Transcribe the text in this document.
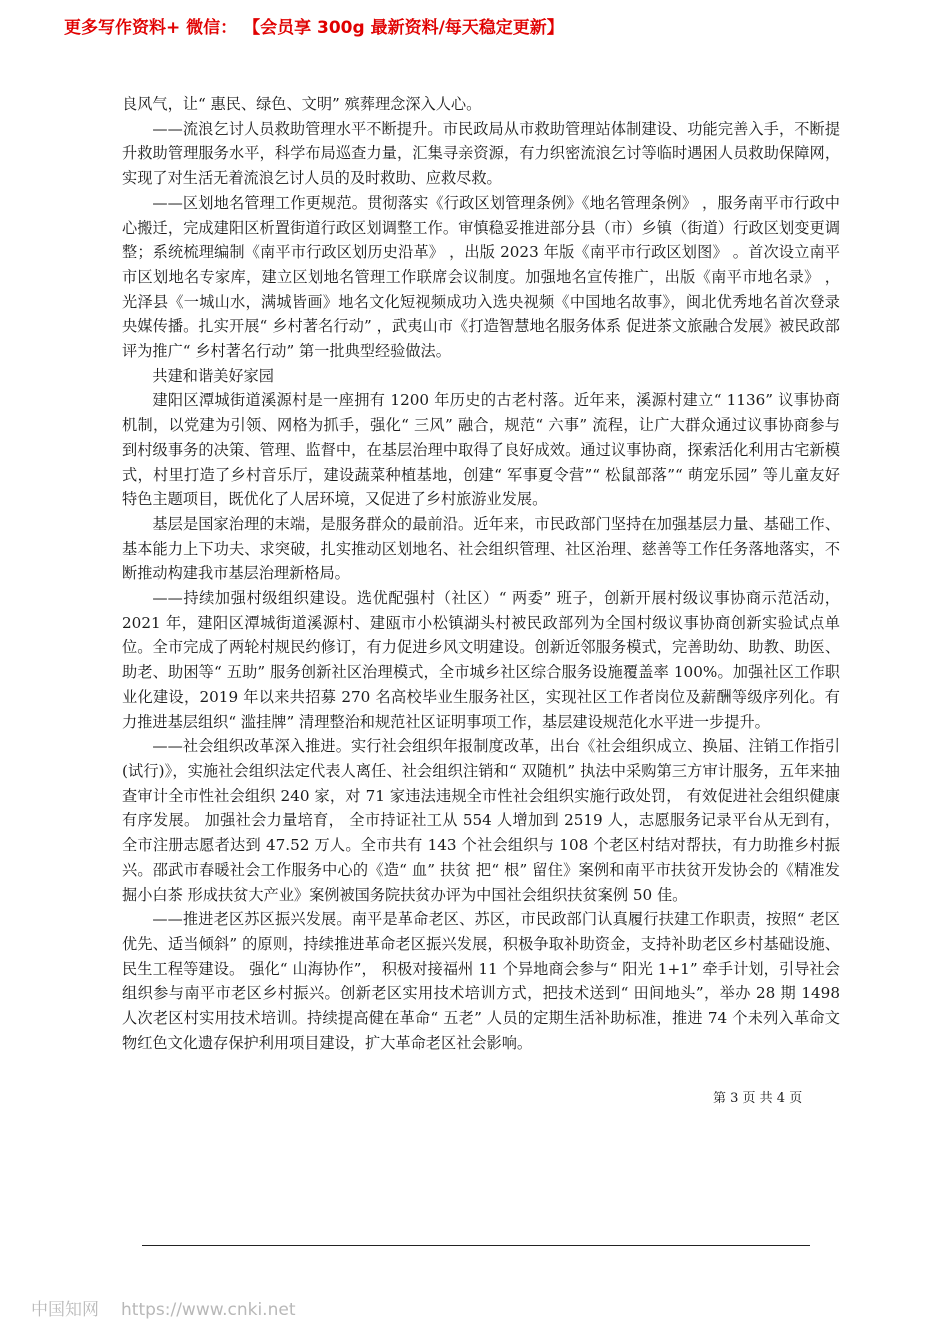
更多写作资料+ 微信： 【会员享 300g 最新资料/每天稳定更新】

良风气，让“ 惠民、绿色、文明” 殡葬理念深入人心。

——流浪乞讨人员救助管理水平不断提升。市民政局从市救助管理站体制建设、功能完善入手，不断提升救助管理服务水平，科学布局巡查力量，汇集寻亲资源，有力织密流浪乞讨等临时遇困人员救助保障网，实现了对生活无着流浪乞讨人员的及时救助、应救尽救。

——区划地名管理工作更规范。贯彻落实《行政区划管理条例》《地名管理条例》 ，服务南平市行政中心搬迁，完成建阳区析置街道行政区划调整工作。审慎稳妥推进部分县（市）乡镇（街道）行政区划变更调整；系统梳理编制《南平市行政区划历史沿革》 ，出版 2023 年版《南平市行政区划图》 。首次设立南平市区划地名专家库，建立区划地名管理工作联席会议制度。加强地名宣传推广，出版《南平市地名录》 ，光泽县《一城山水，满城皆画》地名文化短视频成功入选央视频《中国地名故事》，闽北优秀地名首次登录央媒传播。扎实开展“ 乡村著名行动” ，武夷山市《打造智慧地名服务体系 促进茶文旅融合发展》被民政部评为推广“ 乡村著名行动” 第一批典型经验做法。

共建和谐美好家园

建阳区潭城街道溪源村是一座拥有 1200 年历史的古老村落。近年来，溪源村建立“ 1136” 议事协商机制，以党建为引领、网格为抓手，强化“ 三风” 融合，规范“ 六事” 流程，让广大群众通过议事协商参与到村级事务的决策、管理、监督中，在基层治理中取得了良好成效。通过议事协商，探索活化利用古宅新模式，村里打造了乡村音乐厅，建设蔬菜种植基地，创建“ 军事夏令营”“ 松鼠部落”“ 萌宠乐园” 等儿童友好特色主题项目，既优化了人居环境，又促进了乡村旅游业发展。

基层是国家治理的末端，是服务群众的最前沿。近年来，市民政部门坚持在加强基层力量、基础工作、基本能力上下功夫、求突破，扎实推动区划地名、社会组织管理、社区治理、慈善等工作任务落地落实，不断推动构建我市基层治理新格局。

——持续加强村级组织建设。选优配强村（社区）“ 两委” 班子，创新开展村级议事协商示范活动，2021 年，建阳区潭城街道溪源村、建瓯市小松镇湖头村被民政部列为全国村级议事协商创新实验试点单位。全市完成了两轮村规民约修订，有力促进乡风文明建设。创新近邻服务模式，完善助幼、助教、助医、助老、助困等“ 五助” 服务创新社区治理模式，全市城乡社区综合服务设施覆盖率 100%。加强社区工作职业化建设，2019 年以来共招募 270 名高校毕业生服务社区，实现社区工作者岗位及薪酬等级序列化。有力推进基层组织“ 滥挂牌” 清理整治和规范社区证明事项工作，基层建设规范化水平进一步提升。

——社会组织改革深入推进。实行社会组织年报制度改革，出台《社会组织成立、换届、注销工作指引(试行)》，实施社会组织法定代表人离任、社会组织注销和“ 双随机” 执法中采购第三方审计服务，五年来抽查审计全市性社会组织 240 家，对 71 家违法违规全市性社会组织实施行政处罚， 有效促进社会组织健康有序发展。 加强社会力量培育， 全市持证社工从 554 人增加到 2519 人，志愿服务记录平台从无到有，全市注册志愿者达到 47.52 万人。全市共有 143 个社会组织与 108 个老区村结对帮扶，有力助推乡村振兴。邵武市春暖社会工作服务中心的《造“ 血” 扶贫 把“ 根” 留住》案例和南平市扶贫开发协会的《精准发掘小白茶 形成扶贫大产业》案例被国务院扶贫办评为中国社会组织扶贫案例 50 佳。

——推进老区苏区振兴发展。南平是革命老区、苏区，市民政部门认真履行扶建工作职责，按照“ 老区优先、适当倾斜” 的原则，持续推进革命老区振兴发展，积极争取补助资金，支持补助老区乡村基础设施、 民生工程等建设。 强化“ 山海协作”， 积极对接福州 11 个异地商会参与“ 阳光 1+1” 牵手计划，引导社会组织参与南平市老区乡村振兴。创新老区实用技术培训方式，把技术送到“ 田间地头”，举办 28 期 1498 人次老区村实用技术培训。持续提高健在革命“ 五老” 人员的定期生活补助标准，推进 74 个未列入革命文物红色文化遗存保护利用项目建设，扩大革命老区社会影响。

第 3 页 共 4 页
中国知网 https://www.cnki.net
